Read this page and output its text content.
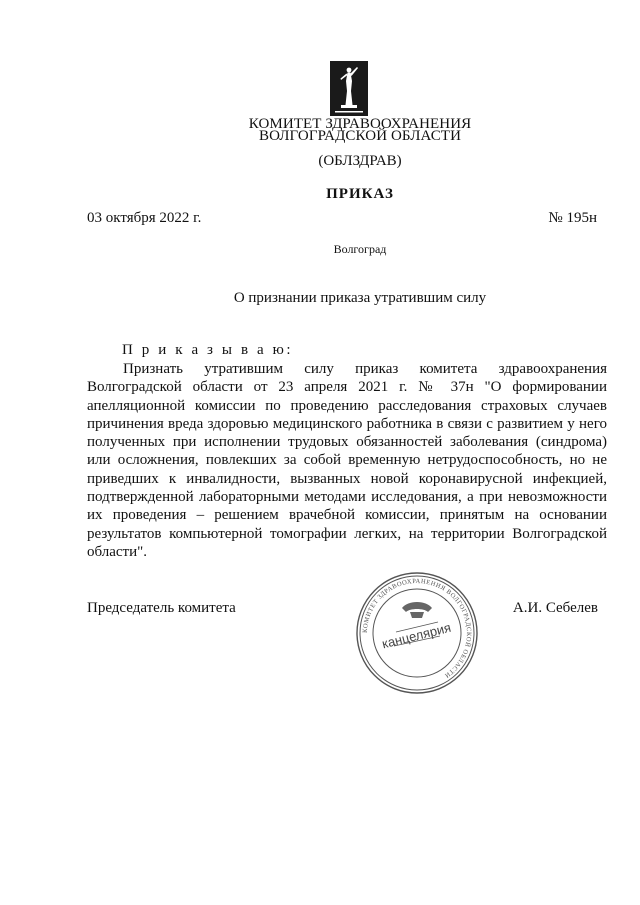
КОМИТЕТ ЗДРАВООХРАНЕНИЯ
ВОЛГОГРАДСКОЙ ОБЛАСТИ
(ОБЛЗДРАВ)
ПРИКАЗ
03 октября 2022 г.	№ 195н
Волгоград
О признании приказа утратившим силу
П р и к а з ы в а ю:

Признать утратившим силу приказ комитета здравоохранения Волгоградской области от 23 апреля 2021 г. № 37н "О формировании апелляционной комиссии по проведению расследования страховых случаев причинения вреда здоровью медицинского работника в связи с развитием у него полученных при исполнении трудовых обязанностей заболевания (синдрома) или осложнения, повлекших за собой временную нетрудоспособность, но не приведших к инвалидности, вызванных новой коронавирусной инфекцией, подтвержденной лабораторными методами исследования, а при невозможности их проведения – решением врачебной комиссии, принятым на основании результатов компьютерной томографии легких, на территории Волгоградской области".

Председатель комитета	А.И. Себелев
КОМИТЕТ ЗДРАВООХРАНЕНИЯ ВОЛГОГРАДСКОЙ ОБЛАСТИ
канцелярия
